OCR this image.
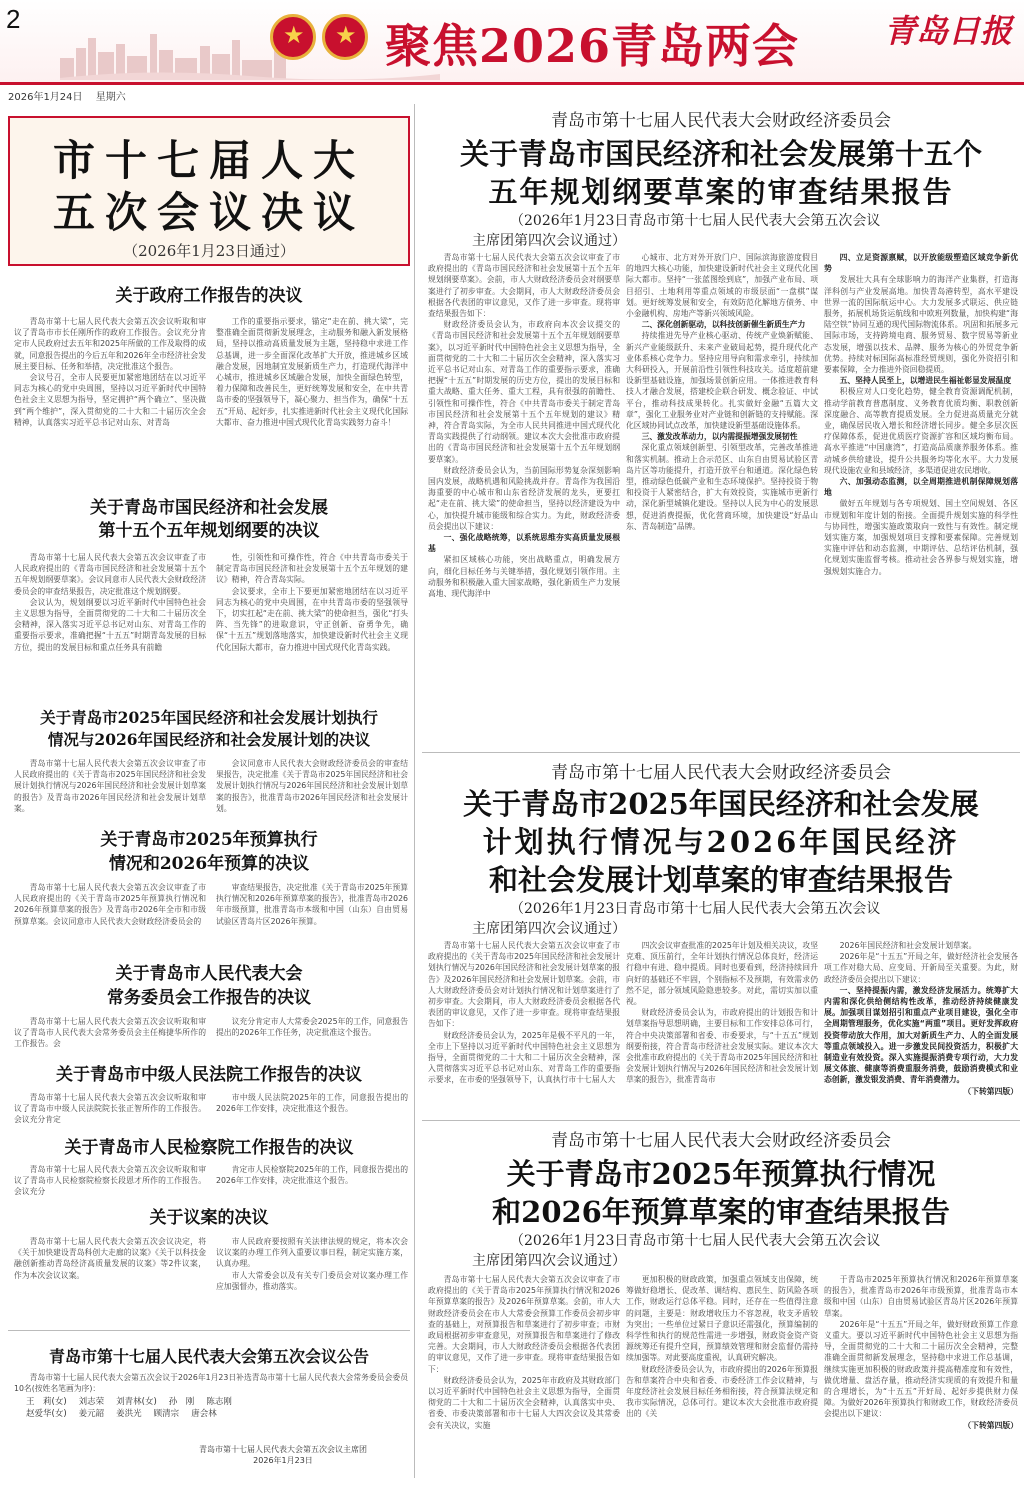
2 ★ ★	聚焦2026青岛两会	青岛日报
2026年1月24日 星期六
市十七届人大
五次会议决议
（2026年1月23日通过）
关于政府工作报告的决议

青岛市第十七届人民代表大会第五次会议听取和审议了青岛市市长任刚所作的政府工作报告。会议充分肯定市人民政府过去五年和2025年所做的工作及取得的成就，同意报告提出的今后五年和2026年全市经济社会发展主要目标、任务和举措，决定批准这个报告。

会议号召，全市人民要更加紧密地团结在以习近平同志为核心的党中央周围，坚持以习近平新时代中国特色社会主义思想为指导，坚定拥护“两个确立”、坚决做到“两个维护”，深入贯彻党的二十大和二十届历次全会精神，认真落实习近平总书记对山东、对青岛

工作的重要指示要求，锚定“走在前、挑大梁”，完整准确全面贯彻新发展理念，主动服务和融入新发展格局，坚持以推动高质量发展为主题，坚持稳中求进工作总基调，进一步全面深化改革扩大开放，推进城乡区域融合发展，因地制宜发展新质生产力，打造现代海洋中心城市，推进城乡区域融合发展，加快全面绿色转型，着力保障和改善民生，更好统筹发展和安全，在中共青岛市委的坚强领导下，凝心聚力、担当作为，确保“十五五”开局、起好步，扎实推进新时代社会主义现代化国际大都市、奋力推进中国式现代化青岛实践努力奋斗！

关于青岛市国民经济和社会发展
第十五个五年规划纲要的决议

青岛市第十七届人民代表大会第五次会议审查了市人民政府提出的《青岛市国民经济和社会发展第十五个五年规划纲要草案》。会议同意市人民代表大会财政经济委员会的审查结果报告，决定批准这个规划纲要。

会议认为，规划纲要以习近平新时代中国特色社会主义思想为指导，全面贯彻党的二十大和二十届历次全会精神，深入落实习近平总书记对山东、对青岛工作的重要指示要求，准确把握“十五五”时期青岛发展的目标方位，提出的发展目标和重点任务具有前瞻

性，引领性和可操作性，符合《中共青岛市委关于制定青岛市国民经济和社会发展第十五个五年规划的建议》精神，符合青岛实际。

会议要求，全市上下要更加紧密地团结在以习近平同志为核心的党中央周围，在中共青岛市委的坚强领导下，切实扛起“走在前、挑大梁”的使命担当，强化“打头阵、当先锋”的进取意识，守正创新、奋勇争先，确保“十五五”规划落地落实，加快建设新时代社会主义现代化国际大都市，奋力推进中国式现代化青岛实践。

关于青岛市2025年国民经济和社会发展计划执行
情况与2026年国民经济和社会发展计划的决议

青岛市第十七届人民代表大会第五次会议审查了市人民政府提出的《关于青岛市2025年国民经济和社会发展计划执行情况与2026年国民经济和社会发展计划草案的报告》及青岛市2026年国民经济和社会发展计划草案。

会议同意市人民代表大会财政经济委员会的审查结果报告，决定批准《关于青岛市2025年国民经济和社会发展计划执行情况与2026年国民经济和社会发展计划草案的报告》，批准青岛市2026年国民经济和社会发展计划。

关于青岛市2025年预算执行
情况和2026年预算的决议

青岛市第十七届人民代表大会第五次会议审查了市人民政府提出的《关于青岛市2025年预算执行情况和2026年预算草案的报告》及青岛市2026年全市和市级预算草案。会议同意市人民代表大会财政经济委员会的

审查结果报告，决定批准《关于青岛市2025年预算执行情况和2026年预算草案的报告》，批准青岛市2026年市级预算，批准青岛市本级和中国（山东）自由贸易试验区青岛片区2026年预算。

关于青岛市人民代表大会
常务委员会工作报告的决议

青岛市第十七届人民代表大会第五次会议听取和审议了青岛市人民代表大会常务委员会主任梅捷华所作的工作报告。会

议充分肯定市人大常委会2025年的工作，同意报告提出的2026年工作任务，决定批准这个报告。

关于青岛市中级人民法院工作报告的决议

青岛市第十七届人民代表大会第五次会议听取和审议了青岛市中级人民法院院长张正智所作的工作报告。会议充分肯定

市中级人民法院2025年的工作，同意报告提出的2026年工作安排，决定批准这个报告。

关于青岛市人民检察院工作报告的决议

青岛市第十七届人民代表大会第五次会议听取和审议了青岛市人民检察院检察长段恩才所作的工作报告。会议充分

肯定市人民检察院2025年的工作，同意报告提出的2026年工作安排，决定批准这个报告。

关于议案的决议

青岛市第十七届人民代表大会第五次会议决定，将《关于加快建设青岛科创大走廊的议案》《关于以科技金融创新推动青岛经济高质量发展的议案》等2件议案，作为本次会议议案。

市人民政府要按照有关法律法规的规定，将本次会议议案的办理工作列入重要议事日程，制定实施方案，认真办理。

市人大常委会以及有关专门委员会对议案办理工作应加强督办，推动落实。

青岛市第十七届人民代表大会第五次会议公告

青岛市第十七届人民代表大会第五次会议于2026年1月23日补选青岛市第十七届人民代表大会常务委员会委员10名(按姓名笔画为序)：

王　莉(女) 刘志荣 刘青林(女) 孙　刚 陈志刚
赵爱华(女) 姜元韶 姜洪光 顾清宗 唐会林
青岛市第十七届人民代表大会第五次会议主席团
2026年1月23日
青岛市第十七届人民代表大会财政经济委员会
关于青岛市国民经济和社会发展第十五个
五年规划纲要草案的审查结果报告
（2026年1月23日青岛市第十七届人民代表大会第五次会议
主席团第四次会议通过）

青岛市第十七届人民代表大会第五次会议审查了市政府提出的《青岛市国民经济和社会发展第十五个五年规划纲要草案》。会前，市人大财政经济委员会对纲要草案进行了初步审查。大会期间，市人大财政经济委员会根据各代表团的审议意见，又作了进一步审查。现将审查结果报告如下：

财政经济委员会认为，市政府向本次会议提交的《青岛市国民经济和社会发展第十五个五年规划纲要草案》，以习近平新时代中国特色社会主义思想为指导，全面贯彻党的二十大和二十届历次全会精神，深入落实习近平总书记对山东、对青岛工作的重要指示要求，准确把握“十五五”时期发展的历史方位，提出的发展目标和重大战略、重大任务、重大工程，具有很强的前瞻性、引领性和可操作性，符合《中共青岛市委关于制定青岛市国民经济和社会发展第十五个五年规划的建议》精神，符合青岛实际，为全市人民共同推进中国式现代化青岛实践提供了行动纲领。建议本次大会批准市政府提出的《青岛市国民经济和社会发展第十五个五年规划纲要草案》。

财政经济委员会认为，当前国际形势复杂深刻影响国内发展，战略机遇和风险挑战并存。青岛作为我国沿海重要的中心城市和山东省经济发展的龙头，更要扛起“走在前、挑大梁”的使命担当，坚持以经济建设为中心，加快提升城市能级和综合实力。为此，财政经济委员会提出以下建议：

一、强化战略统筹，以系统思维夯实高质量发展根基

紧扣区域核心功能，突出战略重点，明确发展方向，细化目标任务与关键举措，强化规划引领作用。主动服务和积极融入重大国家战略，强化新质生产力发展高地、现代海洋中

心城市、北方对外开放门户、国际滨海旅游度假目的地四大核心功能，加快建设新时代社会主义现代化国际大都市。坚持“一张蓝图绘到底”，加强产业布局、项目招引、土地利用等重点领域的市级层面“一盘棋”谋划。更好统筹发展和安全，有效防范化解地方债务、中小金融机构、房地产等新兴领域风险。

二、深化创新驱动，以科技创新催生新质生产力

持续推进先导产业核心驱动、传统产业焕新赋能、新兴产业能级跃升、未来产业破局起势，提升现代化产业体系核心竞争力。坚持应用导向和需求牵引，持续加大科研投入，开展前沿性引领性科技攻关。适度超前建设新型基础设施，加强场景创新应用。一体推进教育科技人才融合发展，搭建校企联合研发、概念验证、中试平台，推动科技成果转化。扎实做好金融“五篇大文章”，强化工业服务业对产业链和创新链的支持赋能。深化区域协同试点改革，加快建设新型基础设施体系。

三、激发改革动力，以内需提振增强发展韧性

深化重点领域创新型、引领型改革，完善改革推进和落实机制。推动上合示范区、山东自由贸易试验区青岛片区等功能提升，打造开放平台和通道。深化绿色转型，推动绿色低碳产业和生态环境保护。坚持投资于物和投资于人紧密结合，扩大有效投资，实施城市更新行动，深化新型城镇化建设。坚持以人民为中心的发展思想，促进消费提振，优化营商环境，加快建设“好品山东、青岛制造”品牌。

四、立足资源禀赋，以开放能级塑造区域竞争新优势

发展壮大具有全球影响力的海洋产业集群，打造海洋科创与产业发展高地。加快青岛港转型，高水平建设世界一流的国际航运中心。大力发展多式联运、供应链服务，拓展机场货运航线和中欧班列数量，加快构建“海陆空铁”协同互通的现代国际物流体系。巩固和拓展多元国际市场，支持跨境电商、服务贸易、数字贸易等新业态发展，增强以技术、品牌、服务为核心的外贸竞争新优势。持续对标国际高标准经贸规则，强化外资招引和要素保障，全力推进外资回稳提质。

五、坚持人民至上，以增进民生福祉彰显发展温度

积极应对人口变化趋势，健全教育资源调配机制，推动学前教育普惠制度、义务教育优质均衡、职教创新深度融合、高等教育提质发展。全力促进高质量充分就业，确保居民收入增长和经济增长同步。健全多层次医疗保障体系，促进优质医疗资源扩容和区域均衡布局。高水平推进“中国康湾”，打造高品质康养服务体系。推动城乡供给建设，提升公共服务均等化水平。大力发展现代设施农业和县域经济，多渠道促进农民增收。

六、加强动态监测，以全周期推进机制保障规划落地

做好五年规划与各专项规划、国土空间规划、各区市规划和年度计划的衔接。全面提升规划实施的科学性与协同性，增强实施政策取向一致性与有效性。制定规划实施方案，加强规划项目支撑和要素保障。完善规划实施中评估和动态监测，中期评估、总结评估机制，强化规划实施监督考核。推动社会各界参与规划实施，增强规划实施合力。

青岛市第十七届人民代表大会财政经济委员会
关于青岛市2025年国民经济和社会发展
计划执行情况与2026年国民经济
和社会发展计划草案的审查结果报告
（2026年1月23日青岛市第十七届人民代表大会第五次会议
主席团第四次会议通过）

青岛市第十七届人民代表大会第五次会议审查了市政府提出的《关于青岛市2025年国民经济和社会发展计划执行情况与2026年国民经济和社会发展计划草案的报告》及2026年国民经济和社会发展计划草案。会前，市人大财政经济委员会对计划执行情况和计划草案进行了初步审查。大会期间，市人大财政经济委员会根据各代表团的审议意见，又作了进一步审查。现将审查结果报告如下：

财政经济委员会认为，2025年是极不平凡的一年，全市上下坚持以习近平新时代中国特色社会主义思想为指导，全面贯彻党的二十大和二十届历次全会精神，深入贯彻落实习近平总书记对山东、对青岛工作的重要指示要求，在市委的坚强领导下，认真执行市十七届人大

四次会议审查批准的2025年计划及相关决议，攻坚克难、顶压前行，全年计划执行情况总体良好，经济运行稳中有进、稳中提质。同时也要看到，经济持续回升向好的基础还不牢固，个别指标不及预期，有效需求仍然不足，部分领域风险隐患较多。对此，需切实加以重视。

财政经济委员会认为，市政府提出的计划报告和计划草案指导思想明确，主要目标和工作安排总体可行，符合中央决策部署和省委、市委要求，与“十五五”规划纲要衔接，符合青岛市经济社会发展实际。建议本次大会批准市政府提出的《关于青岛市2025年国民经济和社会发展计划执行情况与2026年国民经济和社会发展计划草案的报告》，批准青岛市

2026年国民经济和社会发展计划草案。

2026年是“十五五”开局之年，做好经济社会发展各项工作对稳大局、应变局、开新局至关重要。为此，财政经济委员会提出以下建议：

一、坚持提振内需，激发经济发展活力。统筹扩大内需和深化供给侧结构性改革，推动经济持续健康发展。加强项目谋划招引和重点产业项目建设，强化全市全周期管理服务，优化实施“两重”项目。更好发挥政府投资带动放大作用，加大对新质生产力、人的全面发展等重点领域投入。进一步激发民间投资活力，积极扩大制造业有效投资。深入实施提振消费专项行动，大力发展文体旅、健康等消费重服务消费，鼓励消费模式和业态创新，激发银发消费、青年消费潜力。

（下转第四版）

青岛市第十七届人民代表大会财政经济委员会
关于青岛市2025年预算执行情况
和2026年预算草案的审查结果报告
（2026年1月23日青岛市第十七届人民代表大会第五次会议
主席团第四次会议通过）

青岛市第十七届人民代表大会第五次会议审查了市政府提出的《关于青岛市2025年预算执行情况和2026年预算草案的报告》及2026年预算草案。会前，市人大财政经济委员会在市人大常委会预算工作委员会初步审查的基础上，对预算报告和草案进行了初步审查；市财政局根据初步审查意见，对预算报告和草案进行了修改完善。大会期间，市人大财政经济委员会根据各代表团的审议意见，又作了进一步审查。现将审查结果报告如下：

财政经济委员会认为，2025年市政府及其财政部门以习近平新时代中国特色社会主义思想为指导，全面贯彻党的二十大和二十届历次全会精神，认真落实中央、省委、市委决策部署和市十七届人大四次会议及其常委会有关决议，实施

更加积极的财政政策，加强重点领域支出保障，统筹做好稳增长、促改革、调结构、惠民生、防风险各项工作，财政运行总体平稳。同时，还存在一些值得注意的问题，主要是：财政增收压力不容忽视，收支矛盾较为突出；一些单位过紧日子意识还需强化，预算编制的科学性和执行的规范性需进一步增强，财政资金资产资源统筹还有提升空间，预算绩效管理和财会监督仍需持续加强等。对此要高度重视，认真研究解决。

财政经济委员会认为，市政府提出的2026年预算报告和草案符合中央和省委、市委经济工作会议精神，与年度经济社会发展目标任务相衔接，符合预算法规定和我市实际情况，总体可行。建议本次大会批准市政府提出的《关

于青岛市2025年预算执行情况和2026年预算草案的报告》，批准青岛市2026年市级预算，批准青岛市本级和中国（山东）自由贸易试验区青岛片区2026年预算草案。

2026年是“十五五”开局之年，做好财政预算工作意义重大。要以习近平新时代中国特色社会主义思想为指导，全面贯彻党的二十大和二十届历次全会精神，完整准确全面贯彻新发展理念，坚持稳中求进工作总基调，继续实施更加积极的财政政策并提高精准度和有效性，做优增量、盘活存量，推动经济实现质的有效提升和量的合理增长，为“十五五”开好局、起好步提供财力保障。为做好2026年预算执行和财政工作，财政经济委员会提出以下建议：

（下转第四版）
